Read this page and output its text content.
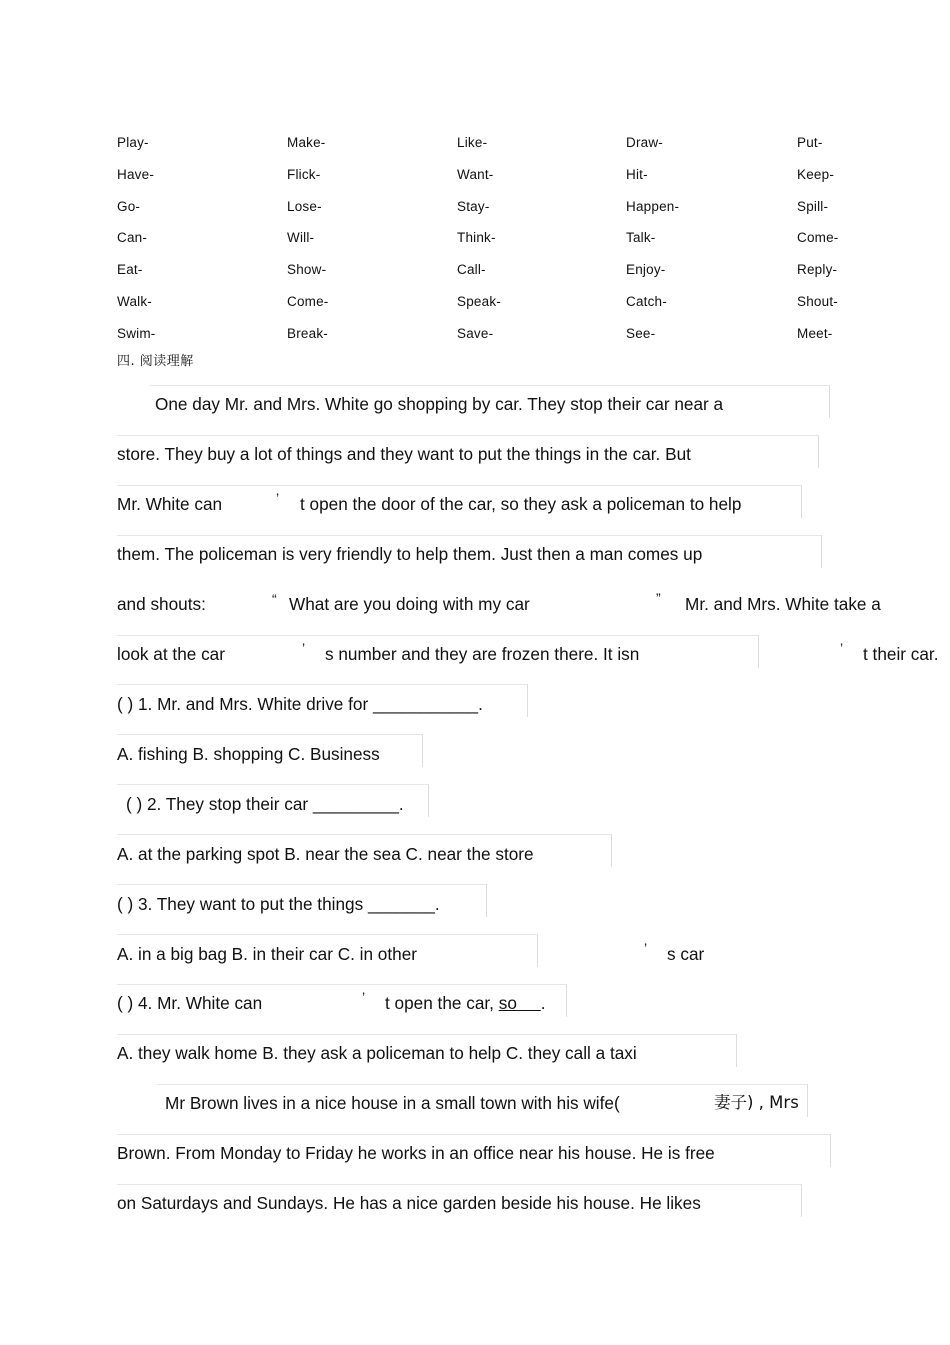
Play-	Make-	Like-	Draw-	Put-
Have-	Flick-	Want-	Hit-	Keep-
Go-	Lose-	Stay-	Happen-	Spill-
Can-	Will-	Think-	Talk-	Come-
Eat-	Show-	Call-	Enjoy-	Reply-
Walk-	Come-	Speak-	Catch-	Shout-
Swim-	Break-	Save-	See-	Meet-
四. 阅读理解
One day Mr. and Mrs. White go shopping by car. They stop their car near a
store. They buy a lot of things and they want to put the things in the car. But
Mr. White can	’ t open the door of the car, so they ask a policeman to help
them. The policeman is very friendly to help them. Just then a man comes up
and shouts:	“ What are you doing with my car	” Mr. and Mrs. White take a
look at the car	’ s number and they are frozen there. It isn	’ t their car.
( ) 1. Mr. and Mrs. White drive for ___________.
A. fishing B. shopping C. Business
( ) 2. They stop their car _________.
A. at the parking spot B. near the sea C. near the store
( ) 3. They want to put the things _______.
A. in a big bag B. in their car C. in other	’ s car
( ) 4. Mr. White can	’ t open the car, so     .
A. they walk home B. they ask a policeman to help C. they call a taxi
Mr Brown lives in a nice house in a small town with his wife(	妻子) , Mrs
Brown. From Monday to Friday he works in an office near his house. He is free
on Saturdays and Sundays. He has a nice garden beside his house. He likes
